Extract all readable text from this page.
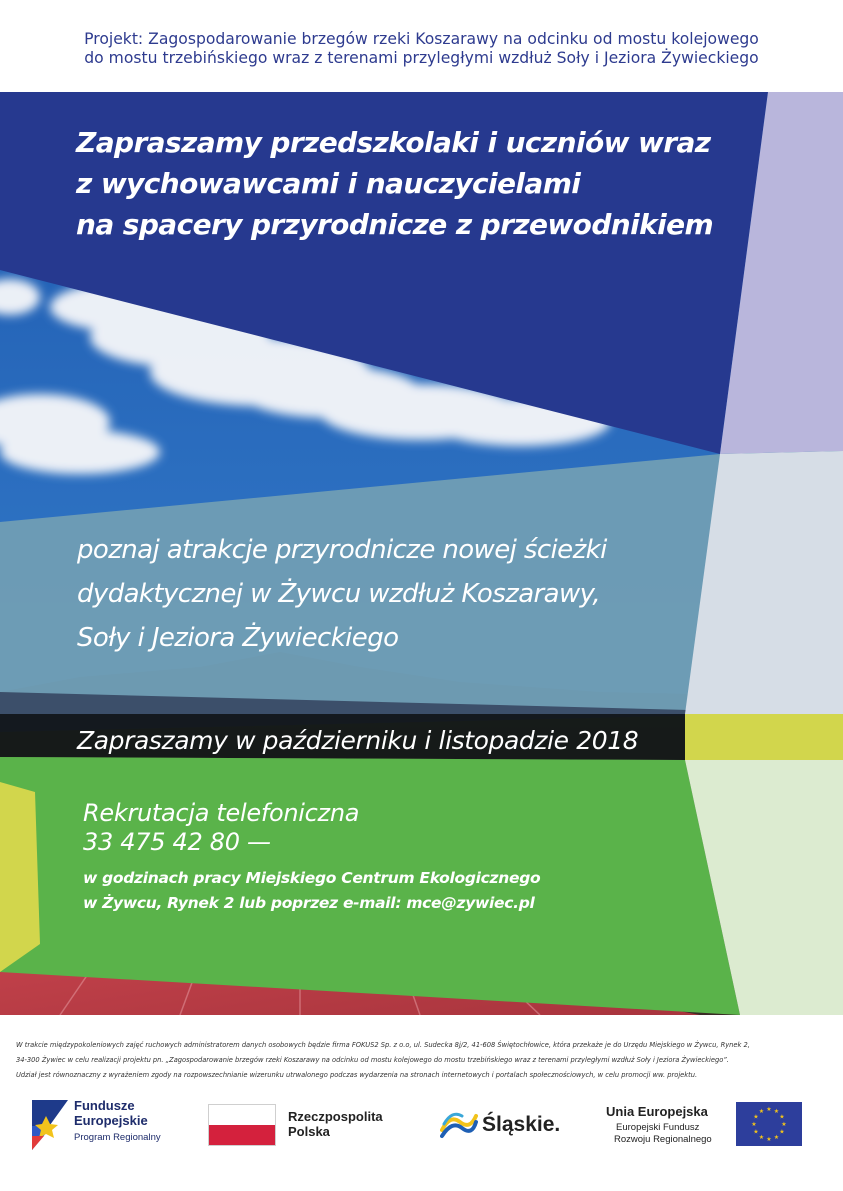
Projekt: Zagospodarowanie brzegów rzeki Koszarawy na odcinku od mostu kolejowego
do mostu trzebińskiego wraz z terenami przyległymi wzdłuż Soły i Jeziora Żywieckiego
Zapraszamy przedszkolaki i uczniów wraz
z wychowawcami i nauczycielami
na spacery przyrodnicze z przewodnikiem
poznaj atrakcje przyrodnicze nowej ścieżki
dydaktycznej w Żywcu wzdłuż Koszarawy,
Soły i Jeziora Żywieckiego
Zapraszamy w październiku i listopadzie 2018
Rekrutacja telefoniczna
33 475 42 80 —
w godzinach pracy Miejskiego Centrum Ekologicznego
w Żywcu, Rynek 2 lub poprzez e-mail: mce@zywiec.pl
W trakcie międzypokoleniowych zajęć ruchowych administratorem danych osobowych będzie firma FOKUS2 Sp. z o.o, ul. Sudecka 8j/2, 41-608 Świętochłowice, która przekaże je do Urzędu Miejskiego w Żywcu, Rynek 2,
34-300 Żywiec w celu realizacji projektu pn. „Zagospodarowanie brzegów rzeki Koszarawy na odcinku od mostu kolejowego do mostu trzebińskiego wraz z terenami przyległymi wzdłuż Soły i Jeziora Żywieckiego”.
Udział jest równoznaczny z wyrażeniem zgody na rozpowszechnianie wizerunku utrwalonego podczas wydarzenia na stronach internetowych i portalach społecznościowych, w celu promocji ww. projektu.
Fundusze
Europejskie
Program Regionalny
Rzeczpospolita
Polska	Śląskie.
Unia Europejska
Europejski Fundusz
Rozwoju Regionalnego
★ ★
★
★
★
★
★
★
★
★
★
★
